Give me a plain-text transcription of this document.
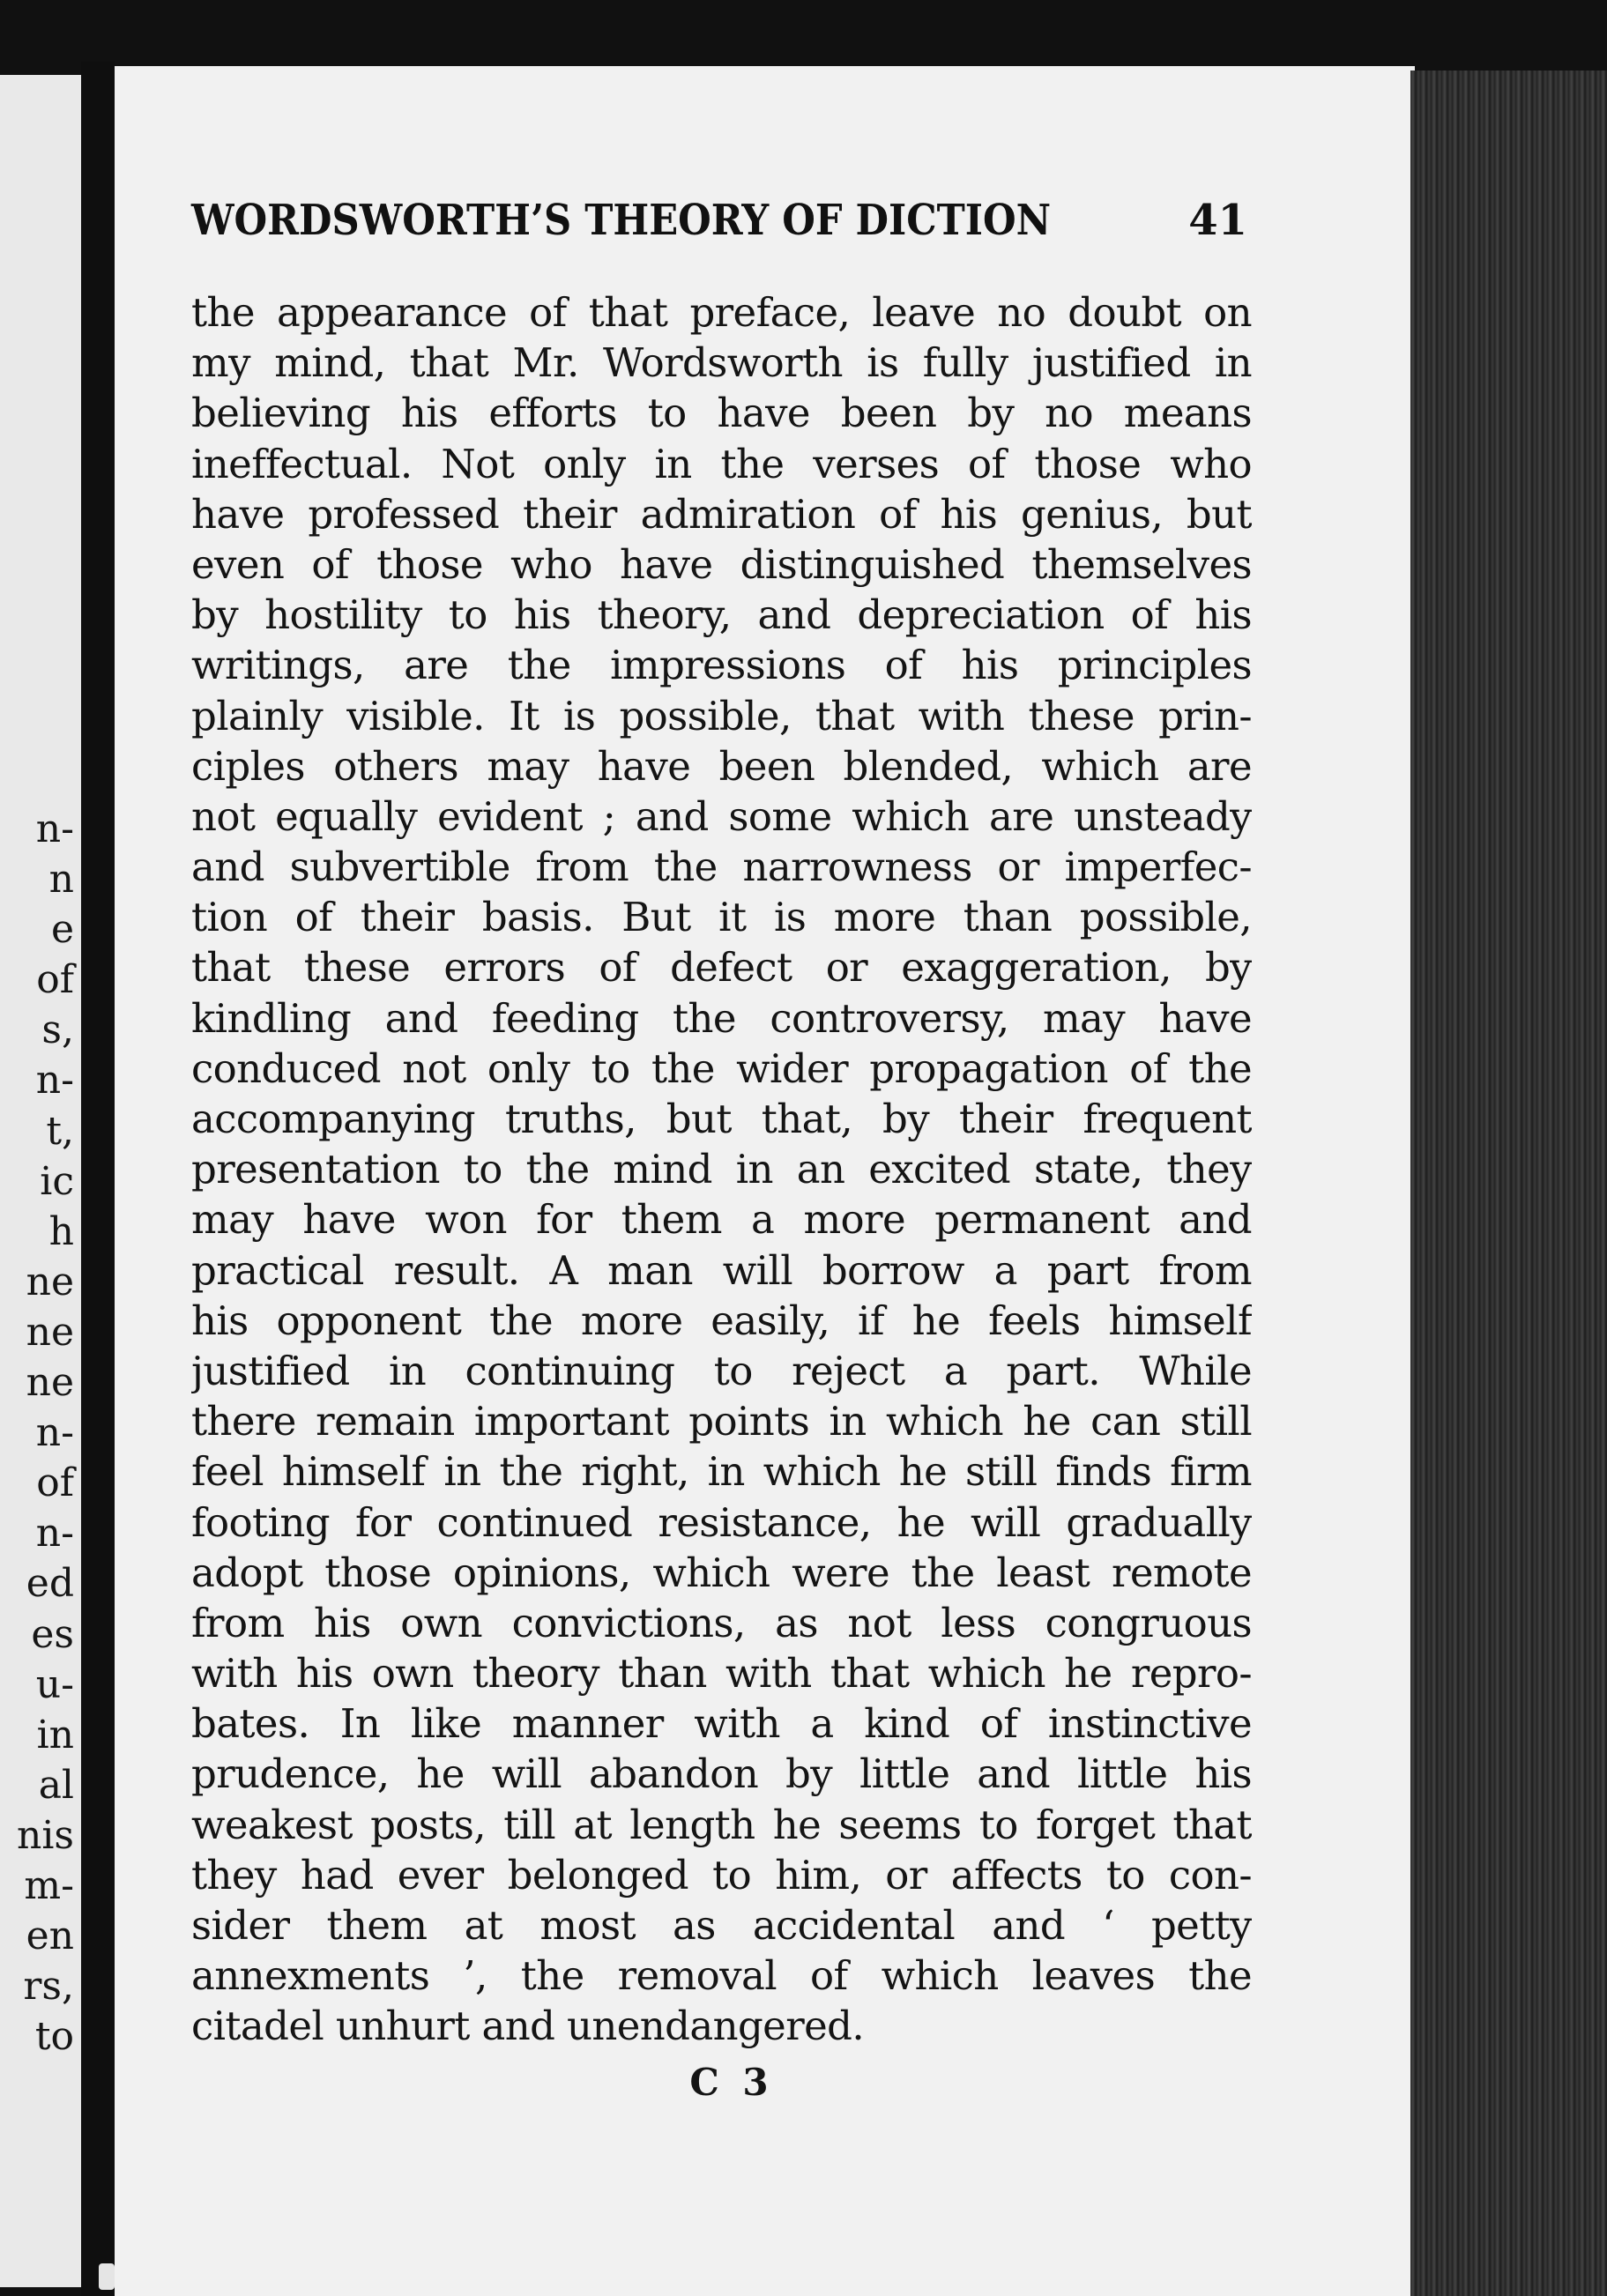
n-
n
e
of
s,
n-
t,
ic
h
ne
ne
ne
n-
of
n-
ed
es
u-
in
al
nis
m-
en
rs,
to
WORDSWORTH’S THEORY OF DICTION	41
the appearance of that preface, leave no doubt on
my mind, that Mr. Wordsworth is fully justified in
believing his efforts to have been by no means
ineffectual. Not only in the verses of those who
have professed their admiration of his genius, but
even of those who have distinguished themselves
by hostility to his theory, and depreciation of his
writings, are the impressions of his principles
plainly visible. It is possible, that with these prin-
ciples others may have been blended, which are
not equally evident ; and some which are unsteady
and subvertible from the narrowness or imperfec-
tion of their basis. But it is more than possible,
that these errors of defect or exaggeration, by
kindling and feeding the controversy, may have
conduced not only to the wider propagation of the
accompanying truths, but that, by their frequent
presentation to the mind in an excited state, they
may have won for them a more permanent and
practical result. A man will borrow a part from
his opponent the more easily, if he feels himself
justified in continuing to reject a part. While
there remain important points in which he can still
feel himself in the right, in which he still finds firm
footing for continued resistance, he will gradually
adopt those opinions, which were the least remote
from his own convictions, as not less congruous
with his own theory than with that which he repro-
bates. In like manner with a kind of instinctive
prudence, he will abandon by little and little his
weakest posts, till at length he seems to forget that
they had ever belonged to him, or affects to con-
sider them at most as accidental and ‘ petty
annexments ’, the removal of which leaves the
citadel unhurt and unendangered.
C 3
